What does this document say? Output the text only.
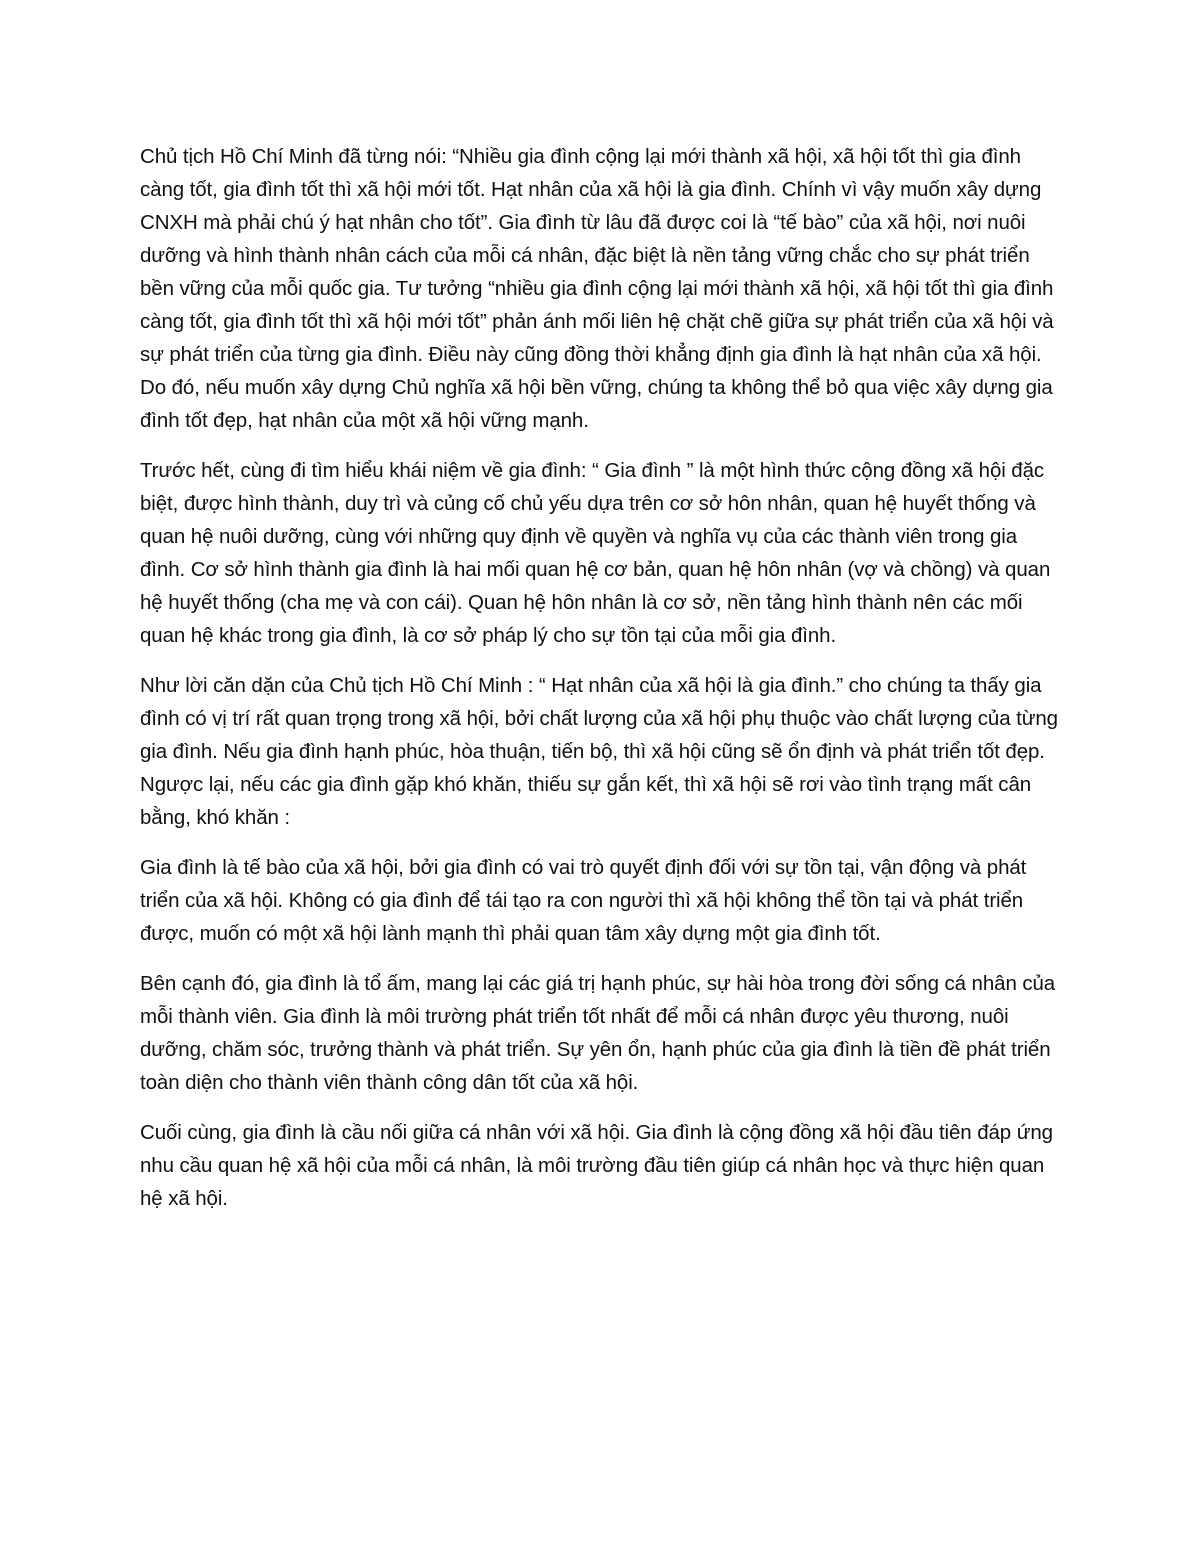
Chủ tịch Hồ Chí Minh đã từng nói: “Nhiều gia đình cộng lại mới thành xã hội, xã hội tốt thì gia đình càng tốt, gia đình tốt thì xã hội mới tốt. Hạt nhân của xã hội là gia đình. Chính vì vậy muốn xây dựng CNXH mà phải chú ý hạt nhân cho tốt”. Gia đình từ lâu đã được coi là “tế bào” của xã hội, nơi nuôi dưỡng và hình thành nhân cách của mỗi cá nhân, đặc biệt là nền tảng vững chắc cho sự phát triển bền vững của mỗi quốc gia. Tư tưởng “nhiều gia đình cộng lại mới thành xã hội, xã hội tốt thì gia đình càng tốt, gia đình tốt thì xã hội mới tốt” phản ánh mối liên hệ chặt chẽ giữa sự phát triển của xã hội và sự phát triển của từng gia đình. Điều này cũng đồng thời khẳng định gia đình là hạt nhân của xã hội. Do đó, nếu muốn xây dựng Chủ nghĩa xã hội bền vững, chúng ta không thể bỏ qua việc xây dựng gia đình tốt đẹp, hạt nhân của một xã hội vững mạnh.

Trước hết, cùng đi tìm hiểu khái niệm về gia đình: “ Gia đình ” là một hình thức cộng đồng xã hội đặc biệt, được hình thành, duy trì và củng cố chủ yếu dựa trên cơ sở hôn nhân, quan hệ huyết thống và quan hệ nuôi dưỡng, cùng với những quy định về quyền và nghĩa vụ của các thành viên trong gia đình. Cơ sở hình thành gia đình là hai mối quan hệ cơ bản, quan hệ hôn nhân (vợ và chồng) và quan hệ huyết thống (cha mẹ và con cái). Quan hệ hôn nhân là cơ sở, nền tảng hình thành nên các mối quan hệ khác trong gia đình, là cơ sở pháp lý cho sự tồn tại của mỗi gia đình.

Như lời căn dặn của Chủ tịch Hồ Chí Minh : “ Hạt nhân của xã hội là gia đình.” cho chúng ta thấy gia đình có vị trí rất quan trọng trong xã hội, bởi chất lượng của xã hội phụ thuộc vào chất lượng của từng gia đình. Nếu gia đình hạnh phúc, hòa thuận, tiến bộ, thì xã hội cũng sẽ ổn định và phát triển tốt đẹp. Ngược lại, nếu các gia đình gặp khó khăn, thiếu sự gắn kết, thì xã hội sẽ rơi vào tình trạng mất cân bằng, khó khăn :

Gia đình là tế bào của xã hội, bởi gia đình có vai trò quyết định đối với sự tồn tại, vận động và phát triển của xã hội. Không có gia đình để tái tạo ra con người thì xã hội không thể tồn tại và phát triển được, muốn có một xã hội lành mạnh thì phải quan tâm xây dựng một gia đình tốt.

Bên cạnh đó, gia đình là tổ ấm, mang lại các giá trị hạnh phúc, sự hài hòa trong đời sống cá nhân của mỗi thành viên. Gia đình là môi trường phát triển tốt nhất để mỗi cá nhân được yêu thương, nuôi dưỡng, chăm sóc, trưởng thành và phát triển. Sự yên ổn, hạnh phúc của gia đình là tiền đề phát triển toàn diện cho thành viên thành công dân tốt của xã hội.

Cuối cùng, gia đình là cầu nối giữa cá nhân với xã hội. Gia đình là cộng đồng xã hội đầu tiên đáp ứng nhu cầu quan hệ xã hội của mỗi cá nhân, là môi trường đầu tiên giúp cá nhân học và thực hiện quan hệ xã hội.
